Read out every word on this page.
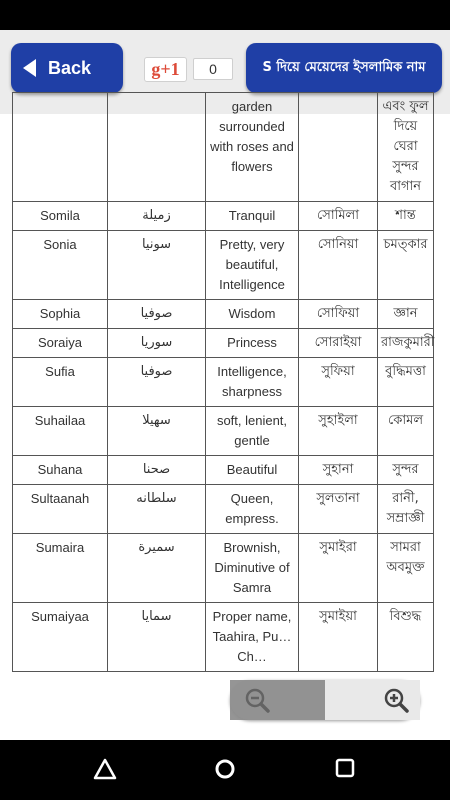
Back	g+1	0	S দিয়ে মেয়েদের ইসলামিক নাম
		garden surrounded with roses and flowers		এবং ফুল দিয়ে ঘেরা সুন্দর বাগান
Somila	زميلة	Tranquil	সোমিলা	শান্ত
Sonia	سونيا	Pretty, very beautiful, Intelligence	সোনিয়া	চমত্কার
Sophia	صوفيا	Wisdom	সোফিয়া	জ্ঞান
Soraiya	سوريا	Princess	সোরাইয়া	রাজকুমারী
Sufia	صوفيا	Intelligence, sharpness	সুফিয়া	বুদ্ধিমত্তা
Suhailaa	سهيلا	soft, lenient, gentle	সুহাইলা	কোমল
Suhana	صحنا	Beautiful	সুহানা	সুন্দর
Sultaanah	سلطانه	Queen, empress.	সুলতানা	রানী, সম্রাজ্ঞী
Sumaira	سميرة	Brownish, Diminutive of Samra	সুমাইরা	সামরা অবমুক্ত
Sumaiyaa	سمايا	Proper name, Taahira, Pu… Ch…	সুমাইয়া	বিশুদ্ধ
